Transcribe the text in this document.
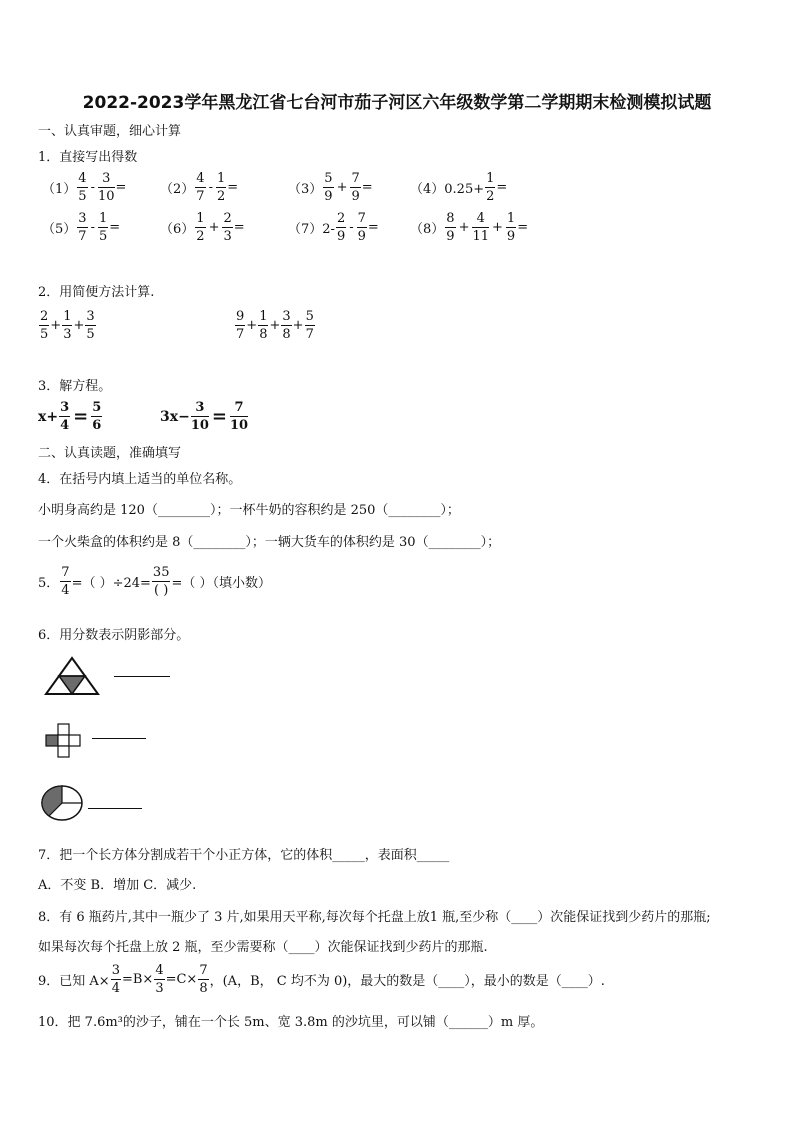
2022-2023学年黑龙江省七台河市茄子河区六年级数学第二学期期末检测模拟试题
一、认真审题，细心计算
1．直接写出得数
$(1) \frac{4}{5} - \frac{3}{10}$ =	$(2) \frac{4}{7} - \frac{1}{2}$ =	$(3) \frac{5}{9} + \frac{7}{9}$ =	$(4)0.25+ \frac{1}{2}$ =
$(5) \frac{3}{7} - \frac{1}{5}$ =	$(6) \frac{1}{2} + \frac{2}{3}$ =	$(7)2- \frac{2}{9} - \frac{7}{9} = (8) \frac{8}{9} + \frac{4}{11} + \frac{1}{9}$ =
2．用简便方法计算.
$\frac{2}{5} + \frac{1}{3} + \frac{3}{5}$	$\frac{9}{7} + \frac{1}{8} + \frac{3}{8} + \frac{5}{7}$
3．解方程。
$x+ \frac{3}{4} = \frac{5}{6}$	$3x- \frac{3}{10} = \frac{7}{10}$
二、认真读题，准确填写
4．在括号内填上适当的单位名称。
小明身高约是 120（________）；一杯牛奶的容积约是 250（________）；
一个火柴盒的体积约是 8（________）；一辆大货车的体积约是 30（________）；
5． $\frac{7}{4}$ =（ ）$\div 24= \frac{35}{( )}$ =（ ）（填小数）
6．用分数表示阴影部分。
7．把一个长方体分割成若干个小正方体，它的体积_____，表面积_____
A．不变 B．增加 C．减少.
8．有 6 瓶药片,其中一瓶少了 3 片,如果用天平称,每次每个托盘上放1 瓶,至少称（____）次能保证找到少药片的那瓶;
如果每次每个托盘上放 2 瓶，至少需要称（____）次能保证找到少药片的那瓶.
9．已知 $A\times \frac{3}{4} =B\times \frac{4}{3} =C\times \frac{7}{8}$ ，(A，B， C 均不为 0)，最大的数是（____），最小的数是（____）.
10．把 7.6m³的沙子，铺在一个长 5m、宽 3.8m 的沙坑里，可以铺（______）m 厚。
